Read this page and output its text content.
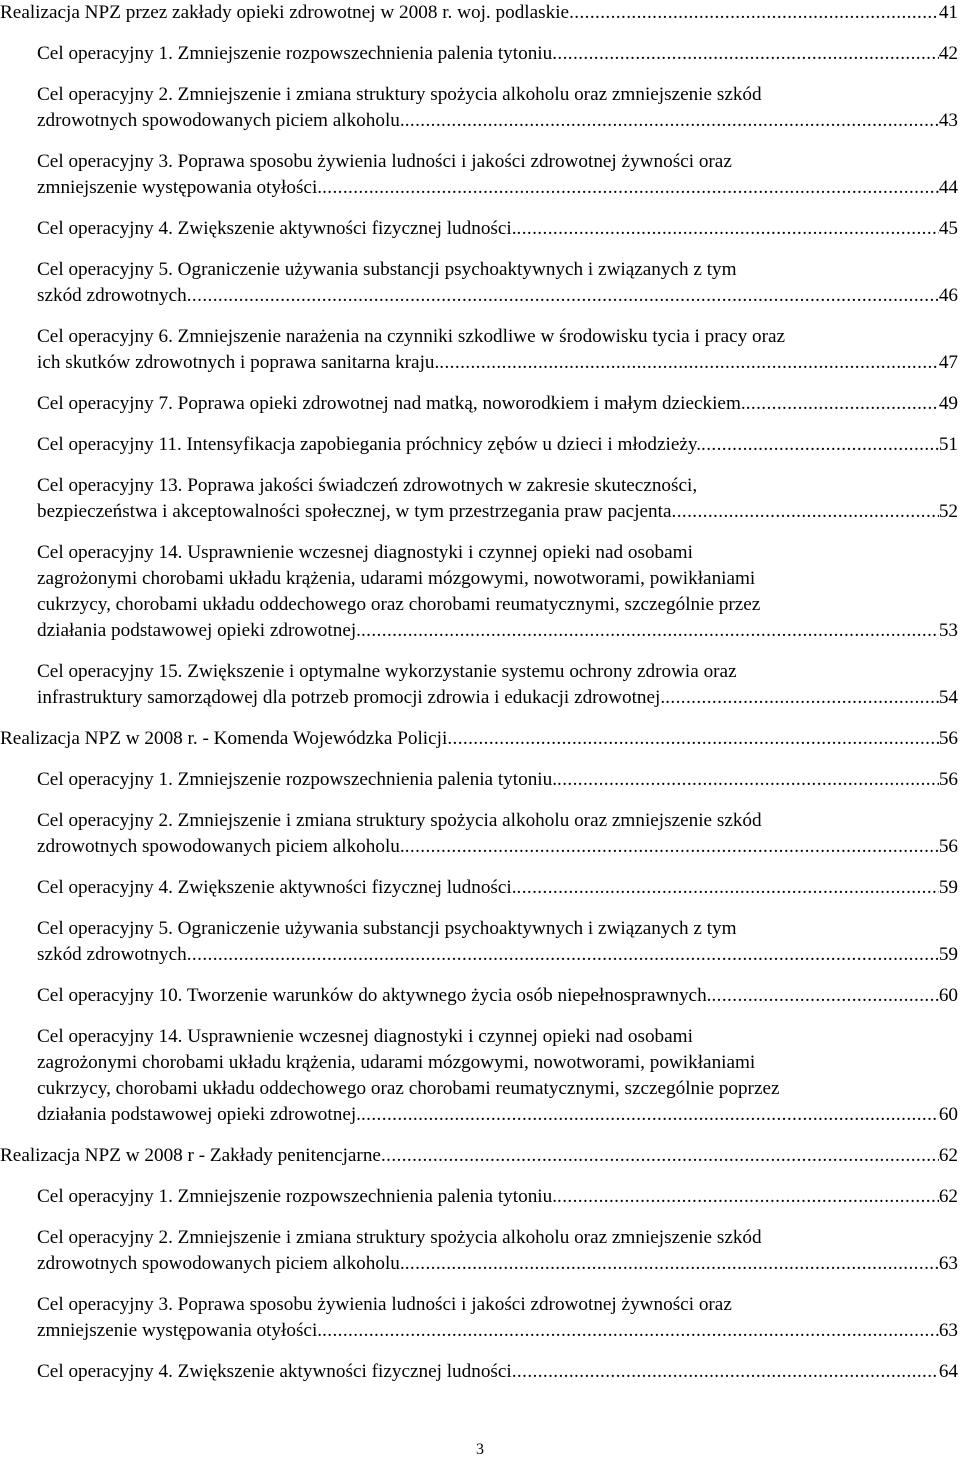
Realizacja NPZ przez zakłady opieki zdrowotnej w 2008 r. woj. podlaskie . . .	41
Cel operacyjny 1. Zmniejszenie rozpowszechnienia palenia tytoniu . . .	42
Cel operacyjny 2. Zmniejszenie i zmiana struktury spożycia alkoholu oraz zmniejszenie szkód
zdrowotnych spowodowanych piciem alkoholu. . . .	43
Cel operacyjny 3. Poprawa sposobu żywienia ludności i jakości zdrowotnej żywności oraz
zmniejszenie występowania otyłości. . . .	44
Cel operacyjny 4. Zwiększenie aktywności fizycznej ludności. . . .	45
Cel operacyjny 5. Ograniczenie używania substancji psychoaktywnych i związanych z tym
szkód zdrowotnych . . .	46
Cel operacyjny 6. Zmniejszenie narażenia na czynniki szkodliwe w środowisku tycia i pracy oraz
ich skutków zdrowotnych i poprawa sanitarna kraju. . . .	47
Cel operacyjny 7. Poprawa opieki zdrowotnej nad matką, noworodkiem i małym dzieckiem. . . .	49
Cel operacyjny 11. Intensyfikacja zapobiegania próchnicy zębów u dzieci i młodzieży. . . .	51
Cel operacyjny 13. Poprawa jakości świadczeń zdrowotnych w zakresie skuteczności,
bezpieczeństwa i akceptowalności społecznej, w tym przestrzegania praw pacjenta . . .	52
Cel operacyjny 14. Usprawnienie wczesnej diagnostyki i czynnej opieki nad osobami
zagrożonymi chorobami układu krążenia, udarami mózgowymi, nowotworami, powikłaniami
cukrzycy, chorobami układu oddechowego oraz chorobami reumatycznymi, szczególnie przez
działania podstawowej opieki zdrowotnej. . . .	53
Cel operacyjny 15. Zwiększenie i optymalne wykorzystanie systemu ochrony zdrowia oraz
infrastruktury samorządowej dla potrzeb promocji zdrowia i edukacji zdrowotnej. . . .	54
Realizacja NPZ w 2008 r. - Komenda Wojewódzka Policji . . .	56
Cel operacyjny 1. Zmniejszenie rozpowszechnienia palenia tytoniu. . . .	56
Cel operacyjny 2. Zmniejszenie i zmiana struktury spożycia alkoholu oraz zmniejszenie szkód
zdrowotnych spowodowanych piciem alkoholu. . . .	56
Cel operacyjny 4. Zwiększenie aktywności fizycznej ludności. . . .	59
Cel operacyjny 5. Ograniczenie używania substancji psychoaktywnych i związanych z tym
szkód zdrowotnych . . .	59
Cel operacyjny 10. Tworzenie warunków do aktywnego życia osób niepełnosprawnych. . . .	60
Cel operacyjny 14. Usprawnienie wczesnej diagnostyki i czynnej opieki nad osobami
zagrożonymi chorobami układu krążenia, udarami mózgowymi, nowotworami, powikłaniami
cukrzycy, chorobami układu oddechowego oraz chorobami reumatycznymi, szczególnie poprzez
działania podstawowej opieki zdrowotnej. . . .	60
Realizacja NPZ w 2008 r - Zakłady penitencjarne . . .	62
Cel operacyjny 1. Zmniejszenie rozpowszechnienia palenia tytoniu. . . .	62
Cel operacyjny 2. Zmniejszenie i zmiana struktury spożycia alkoholu oraz zmniejszenie szkód
zdrowotnych spowodowanych piciem alkoholu. . . .	63
Cel operacyjny 3. Poprawa sposobu żywienia ludności i jakości zdrowotnej żywności oraz
zmniejszenie występowania otyłości. . . .	63
Cel operacyjny 4. Zwiększenie aktywności fizycznej ludności . . .	64
3
